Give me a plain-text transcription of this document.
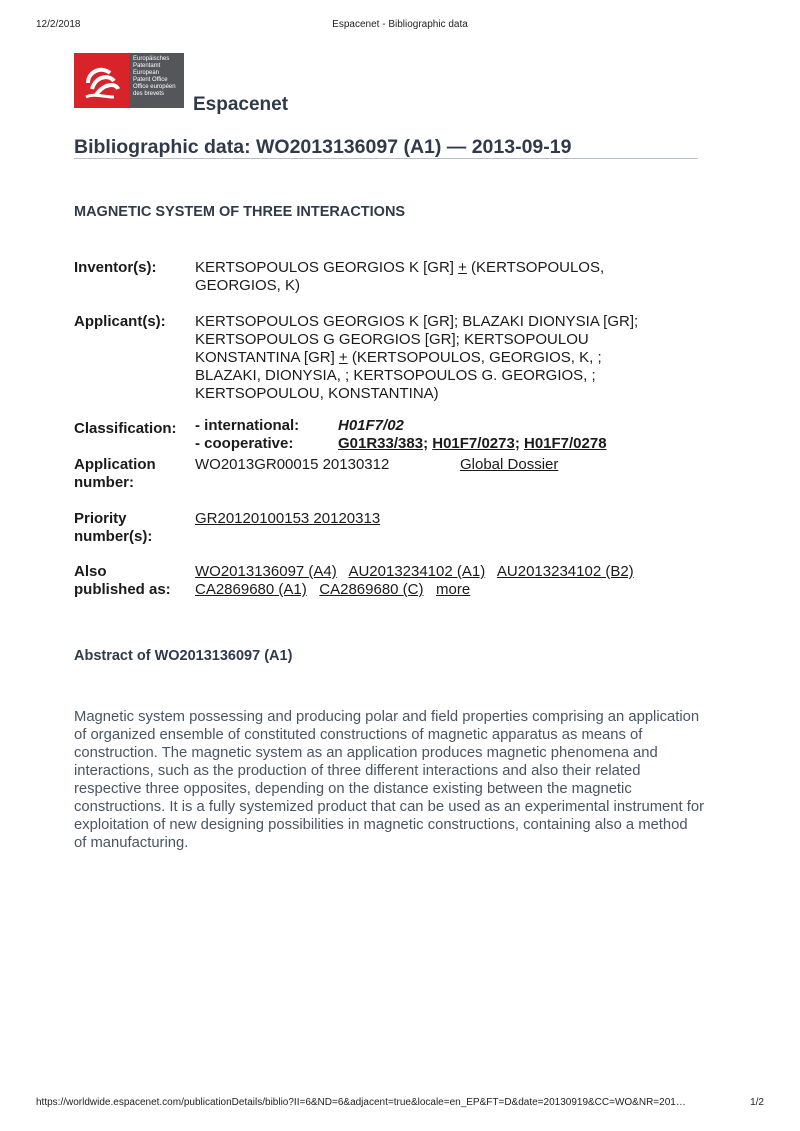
12/2/2018	Espacenet - Bibliographic data
Europäisches
Patentamt
European
Patent Office
Office européen
des brevets	Espacenet
Bibliographic data: WO2013136097 (A1) — 2013-09-19
MAGNETIC SYSTEM OF THREE INTERACTIONS
Inventor(s):	KERTSOPOULOS GEORGIOS K [GR] + (KERTSOPOULOS,
GEORGIOS, K)
Applicant(s):	KERTSOPOULOS GEORGIOS K [GR]; BLAZAKI DIONYSIA [GR];
KERTSOPOULOS G GEORGIOS [GR]; KERTSOPOULOU
KONSTANTINA [GR] + (KERTSOPOULOS, GEORGIOS, K, ;
BLAZAKI, DIONYSIA, ; KERTSOPOULOS G. GEORGIOS, ;
KERTSOPOULOU, KONSTANTINA)
Classification:	- international:	H01F7/02
- cooperative:	G01R33/383; H01F7/0273; H01F7/0278
Application
number:
WO2013GR00015 20130312	Global Dossier
Priority
number(s):
GR20120100153 20120313
Also
published as:
WO2013136097 (A4) AU2013234102 (A1) AU2013234102 (B2)
CA2869680 (A1) CA2869680 (C) more
Abstract of WO2013136097 (A1)

Magnetic system possessing and producing polar and field properties comprising an application of organized ensemble of constituted constructions of magnetic apparatus as means of construction. The magnetic system as an application produces magnetic phenomena and interactions, such as the production of three different interactions and also their related respective three opposites, depending on the distance existing between the magnetic constructions. It is a fully systemized product that can be used as an experimental instrument for exploitation of new designing possibilities in magnetic constructions, containing also a method of manufacturing.

https://worldwide.espacenet.com/publicationDetails/biblio?II=6&ND=6&adjacent=true&locale=en_EP&FT=D&date=20130919&CC=WO&NR=201…	1/2
